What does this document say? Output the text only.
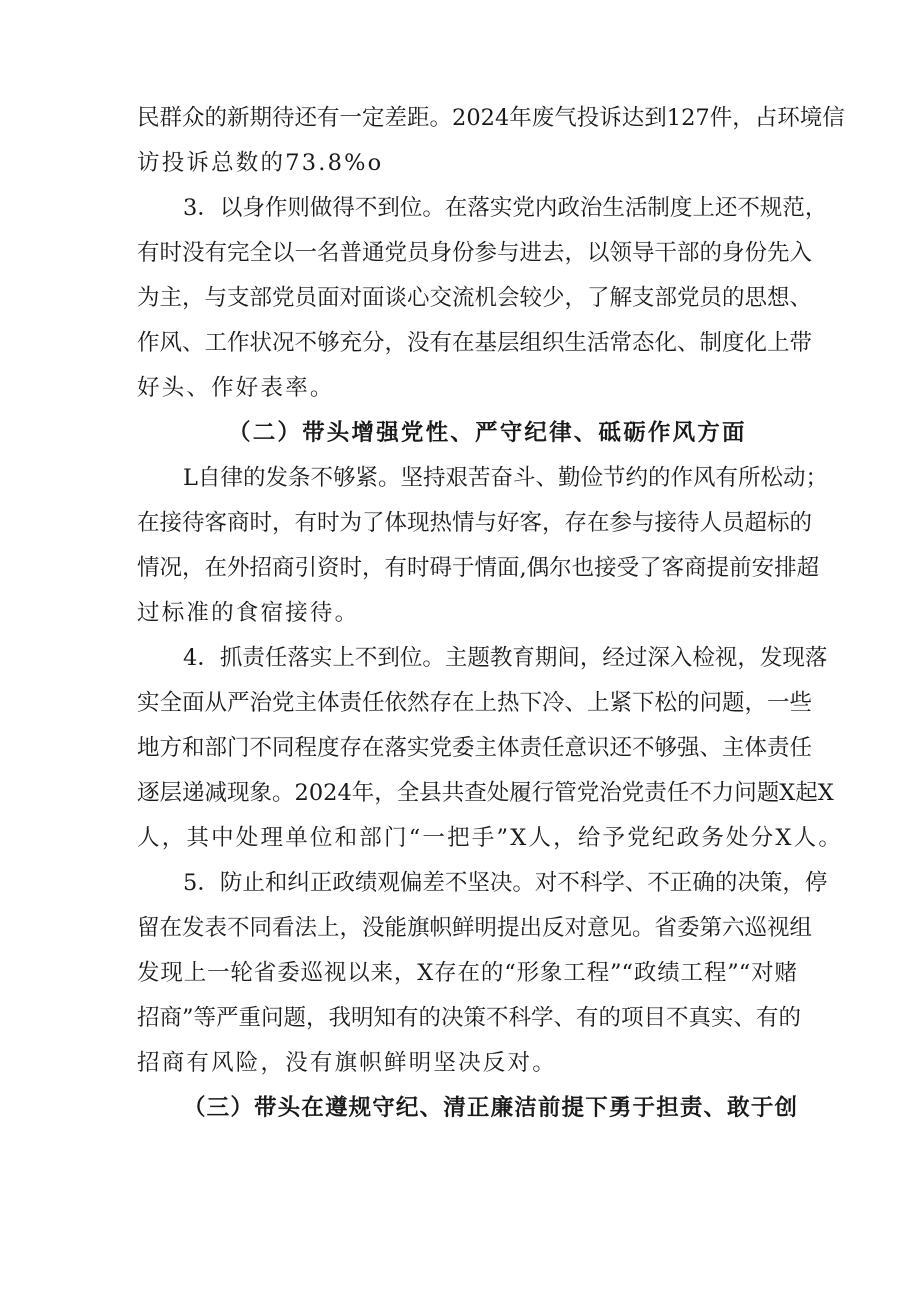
民群众的新期待还有一定差距。2024年废气投诉达到127件，占环境信
访投诉总数的73.8%o
3．以身作则做得不到位。在落实党内政治生活制度上还不规范，
有时没有完全以一名普通党员身份参与进去，以领导干部的身份先入
为主，与支部党员面对面谈心交流机会较少，了解支部党员的思想、
作风、工作状况不够充分，没有在基层组织生活常态化、制度化上带
好头、作好表率。
（二）带头增强党性、严守纪律、砥砺作风方面
L自律的发条不够紧。坚持艰苦奋斗、勤俭节约的作风有所松动；
在接待客商时，有时为了体现热情与好客，存在参与接待人员超标的
情况，在外招商引资时，有时碍于情面,偶尔也接受了客商提前安排超
过标准的食宿接待。
4．抓责任落实上不到位。主题教育期间，经过深入检视，发现落
实全面从严治党主体责任依然存在上热下冷、上紧下松的问题，一些
地方和部门不同程度存在落实党委主体责任意识还不够强、主体责任
逐层递减现象。2024年，全县共查处履行管党治党责任不力问题X起X
人，其中处理单位和部门“一把手”X人，给予党纪政务处分X人。
5．防止和纠正政绩观偏差不坚决。对不科学、不正确的决策，停
留在发表不同看法上，没能旗帜鲜明提出反对意见。省委第六巡视组
发现上一轮省委巡视以来，X存在的“形象工程”“政绩工程”“对赌
招商”等严重问题，我明知有的决策不科学、有的项目不真实、有的
招商有风险，没有旗帜鲜明坚决反对。
（三）带头在遵规守纪、清正廉洁前提下勇于担责、敢于创
